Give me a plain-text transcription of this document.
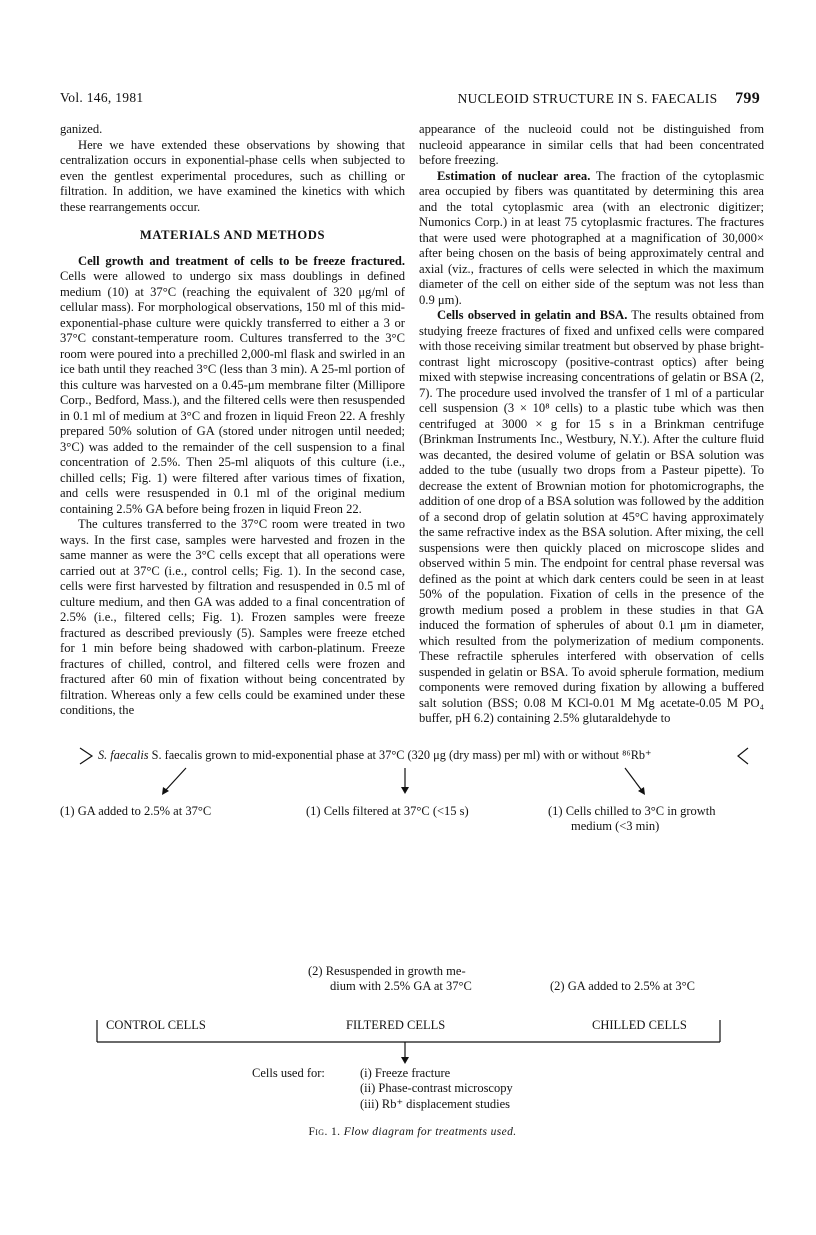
Vol. 146, 1981	NUCLEOID STRUCTURE IN S. FAECALIS 799

ganized.

Here we have extended these observations by showing that centralization occurs in exponential-phase cells when subjected to even the gentlest experimental procedures, such as chilling or filtration. In addition, we have examined the kinetics with which these rearrangements occur.

MATERIALS AND METHODS

Cell growth and treatment of cells to be freeze fractured. Cells were allowed to undergo six mass doublings in defined medium (10) at 37°C (reaching the equivalent of 320 μg/ml of cellular mass). For morphological observations, 150 ml of this mid-exponential-phase culture were quickly transferred to either a 3 or 37°C constant-temperature room. Cultures transferred to the 3°C room were poured into a prechilled 2,000-ml flask and swirled in an ice bath until they reached 3°C (less than 3 min). A 25-ml portion of this culture was harvested on a 0.45-μm membrane filter (Millipore Corp., Bedford, Mass.), and the filtered cells were then resuspended in 0.1 ml of medium at 3°C and frozen in liquid Freon 22. A freshly prepared 50% solution of GA (stored under nitrogen until needed; 3°C) was added to the remainder of the cell suspension to a final concentration of 2.5%. Then 25-ml aliquots of this culture (i.e., chilled cells; Fig. 1) were filtered after various times of fixation, and cells were resuspended in 0.1 ml of the original medium containing 2.5% GA before being frozen in liquid Freon 22.

The cultures transferred to the 37°C room were treated in two ways. In the first case, samples were harvested and frozen in the same manner as were the 3°C cells except that all operations were carried out at 37°C (i.e., control cells; Fig. 1). In the second case, cells were first harvested by filtration and resuspended in 0.5 ml of culture medium, and then GA was added to a final concentration of 2.5% (i.e., filtered cells; Fig. 1). Frozen samples were freeze fractured as described previously (5). Samples were freeze etched for 1 min before being shadowed with carbon-platinum. Freeze fractures of chilled, control, and filtered cells were frozen and fractured after 60 min of fixation without being concentrated by filtration. Whereas only a few cells could be examined under these conditions, the

appearance of the nucleoid could not be distinguished from nucleoid appearance in similar cells that had been concentrated before freezing.

Estimation of nuclear area. The fraction of the cytoplasmic area occupied by fibers was quantitated by determining this area and the total cytoplasmic area (with an electronic digitizer; Numonics Corp.) in at least 75 cytoplasmic fractures. The fractures that were used were photographed at a magnification of 30,000× after being chosen on the basis of being approximately central and axial (viz., fractures of cells were selected in which the maximum diameter of the cell on either side of the septum was not less than 0.9 μm).

Cells observed in gelatin and BSA. The results obtained from studying freeze fractures of fixed and unfixed cells were compared with those receiving similar treatment but observed by phase bright-contrast light microscopy (positive-contrast optics) after being mixed with stepwise increasing concentrations of gelatin or BSA (2, 7). The procedure used involved the transfer of 1 ml of a particular cell suspension (3 × 10⁸ cells) to a plastic tube which was then centrifuged at 3000 × g for 15 s in a Brinkman centrifuge (Brinkman Instruments Inc., Westbury, N.Y.). After the culture fluid was decanted, the desired volume of gelatin or BSA solution was added to the tube (usually two drops from a Pasteur pipette). To decrease the extent of Brownian motion for photomicrographs, the addition of one drop of a BSA solution was followed by the addition of a second drop of gelatin solution at 45°C having approximately the same refractive index as the BSA solution. After mixing, the cell suspensions were then quickly placed on microscope slides and observed within 5 min. The endpoint for central phase reversal was defined as the point at which dark centers could be seen in at least 50% of the population. Fixation of cells in the presence of the growth medium posed a problem in these studies in that GA induced the formation of spherules of about 0.1 μm in diameter, which resulted from the polymerization of medium components. These refractile spherules interfered with observation of cells suspended in gelatin or BSA. To avoid spherule formation, medium components were removed during fixation by allowing a buffered salt solution (BSS; 0.08 M KCl-0.01 M Mg acetate-0.05 M PO₄ buffer, pH 6.2) containing 2.5% glutaraldehyde to

S. faecalis S. faecalis grown to mid-exponential phase at 37°C (320 μg (dry mass) per ml) with or without ⁸⁶Rb⁺
(1) GA added to 2.5% at 37°C	(1) Cells filtered at 37°C (<15 s)	(1) Cells chilled to 3°C in growth
medium (<3 min)
(2) Resuspended in growth me-
dium with 2.5% GA at 37°C	(2) GA added to 2.5% at 3°C
CONTROL CELLS	FILTERED CELLS	CHILLED CELLS
Cells used for:	(i) Freeze fracture
(ii) Phase-contrast microscopy
(iii) Rb⁺ displacement studies
Fig. 1. Flow diagram for treatments used.
